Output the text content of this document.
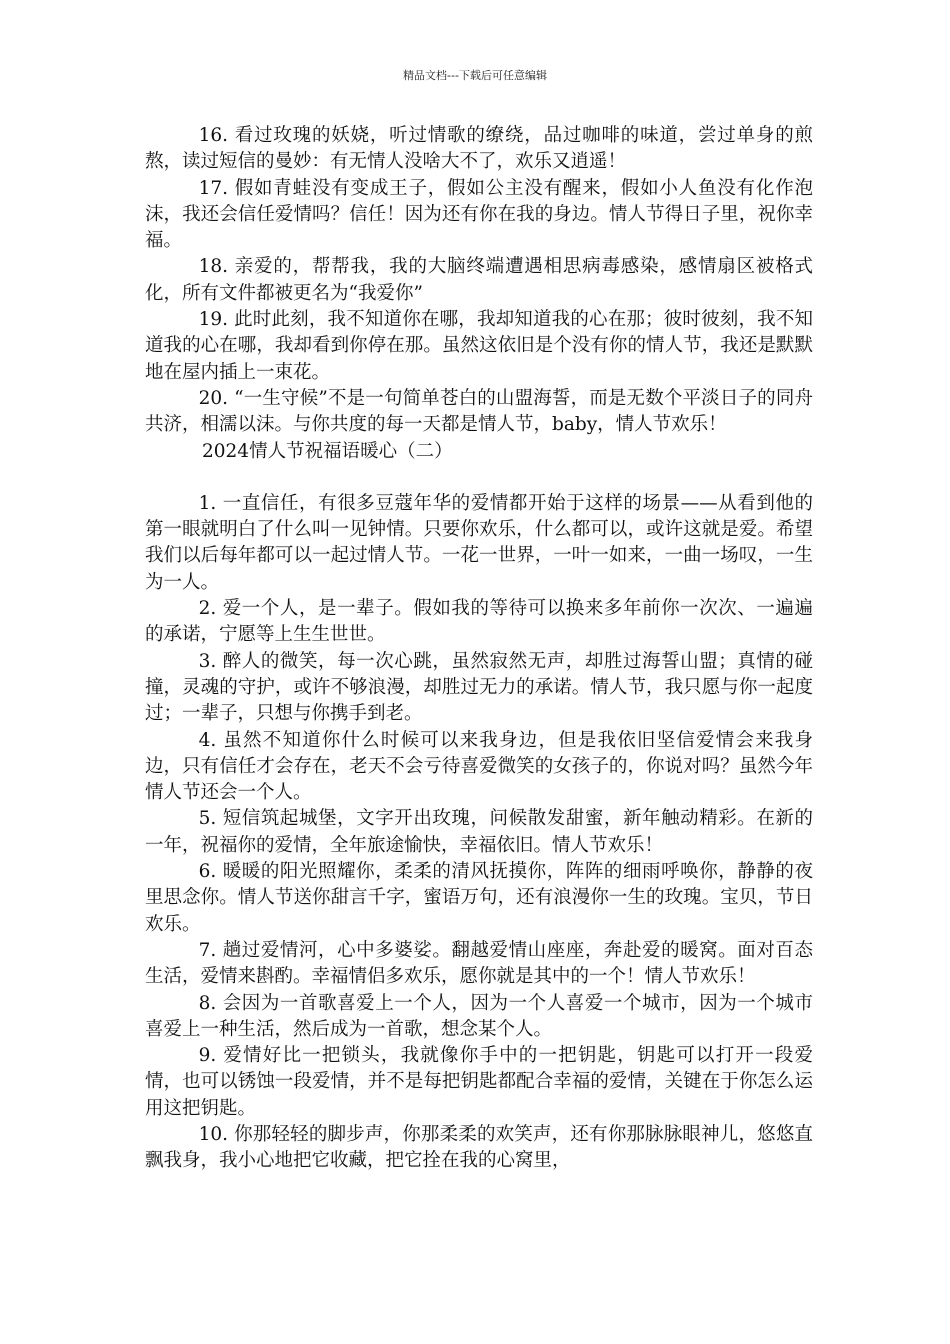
精品文档---下载后可任意编辑

16. 看过玫瑰的妖娆，听过情歌的缭绕，品过咖啡的味道，尝过单身的煎熬，读过短信的曼妙：有无情人没啥大不了，欢乐又逍遥！

17. 假如青蛙没有变成王子，假如公主没有醒来，假如小人鱼没有化作泡沫，我还会信任爱情吗？信任！因为还有你在我的身边。情人节得日子里，祝你幸福。

18. 亲爱的，帮帮我，我的大脑终端遭遇相思病毒感染，感情扇区被格式化，所有文件都被更名为“我爱你”

19. 此时此刻，我不知道你在哪，我却知道我的心在那；彼时彼刻，我不知道我的心在哪，我却看到你停在那。虽然这依旧是个没有你的情人节，我还是默默地在屋内插上一束花。

20. “一生守候”不是一句简单苍白的山盟海誓，而是无数个平淡日子的同舟共济，相濡以沫。与你共度的每一天都是情人节，baby，情人节欢乐！

2024情人节祝福语暖心（二）

1. 一直信任，有很多豆蔻年华的爱情都开始于这样的场景——从看到他的第一眼就明白了什么叫一见钟情。只要你欢乐，什么都可以，或许这就是爱。希望我们以后每年都可以一起过情人节。一花一世界，一叶一如来，一曲一场叹，一生为一人。

2. 爱一个人，是一辈子。假如我的等待可以换来多年前你一次次、一遍遍的承诺，宁愿等上生生世世。

3. 醉人的微笑，每一次心跳，虽然寂然无声，却胜过海誓山盟；真情的碰撞，灵魂的守护，或许不够浪漫，却胜过无力的承诺。情人节，我只愿与你一起度过；一辈子，只想与你携手到老。

4. 虽然不知道你什么时候可以来我身边，但是我依旧坚信爱情会来我身边，只有信任才会存在，老天不会亏待喜爱微笑的女孩子的，你说对吗？虽然今年情人节还会一个人。

5. 短信筑起城堡，文字开出玫瑰，问候散发甜蜜，新年触动精彩。在新的一年，祝福你的爱情，全年旅途愉快，幸福依旧。情人节欢乐！

6. 暖暖的阳光照耀你，柔柔的清风抚摸你，阵阵的细雨呼唤你，静静的夜里思念你。情人节送你甜言千字，蜜语万句，还有浪漫你一生的玫瑰。宝贝，节日欢乐。

7. 趟过爱情河，心中多婆娑。翻越爱情山座座，奔赴爱的暖窝。面对百态生活，爱情来斟酌。幸福情侣多欢乐，愿你就是其中的一个！情人节欢乐！

8. 会因为一首歌喜爱上一个人，因为一个人喜爱一个城市，因为一个城市喜爱上一种生活，然后成为一首歌，想念某个人。

9. 爱情好比一把锁头，我就像你手中的一把钥匙，钥匙可以打开一段爱情，也可以锈蚀一段爱情，并不是每把钥匙都配合幸福的爱情，关键在于你怎么运用这把钥匙。

10. 你那轻轻的脚步声，你那柔柔的欢笑声，还有你那脉脉眼神儿，悠悠直飘我身，我小心地把它收藏，把它拴在我的心窝里，
